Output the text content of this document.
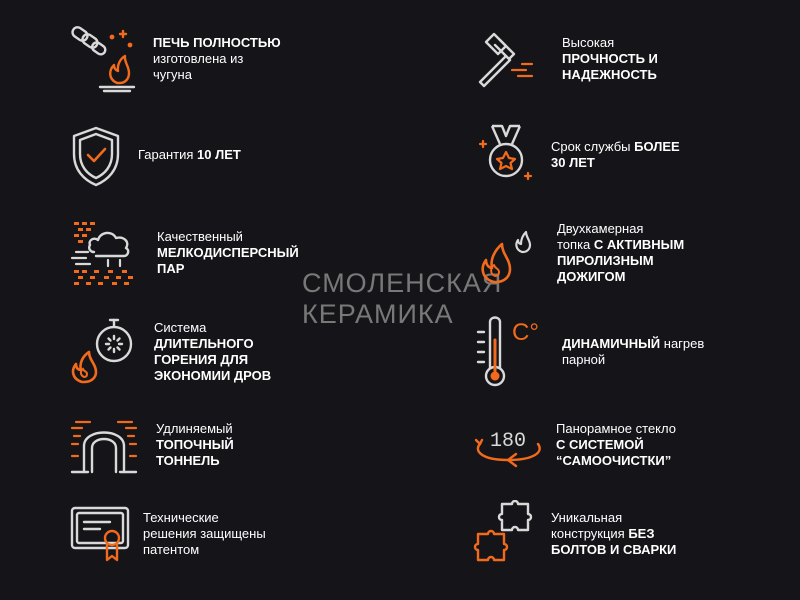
СМОЛЕНСКАЯ
КЕРАМИКА
ПЕЧЬ ПОЛНОСТЬЮ
изготовлена из
чугуна
Высокая
ПРОЧНОСТЬ И
НАДЕЖНОСТЬ
Гарантия 10 ЛЕТ
Срок службы БОЛЕЕ
30 ЛЕТ
Качественный
МЕЛКОДИСПЕРСНЫЙ
ПАР
Двухкамерная
топка С АКТИВНЫМ
ПИРОЛИЗНЫМ
ДОЖИГОМ
Система
ДЛИТЕЛЬНОГО
ГОРЕНИЯ ДЛЯ
ЭКОНОМИИ ДРОВ
C° ДИНАМИЧНЫЙ нагрев
парной
Удлиняемый
ТОПОЧНЫЙ
ТОННЕЛЬ
180
Панорамное стекло
С СИСТЕМОЙ
“САМООЧИСТКИ”
Технические
решения защищены
патентом
Уникальная
конструкция БЕЗ
БОЛТОВ И СВАРКИ
